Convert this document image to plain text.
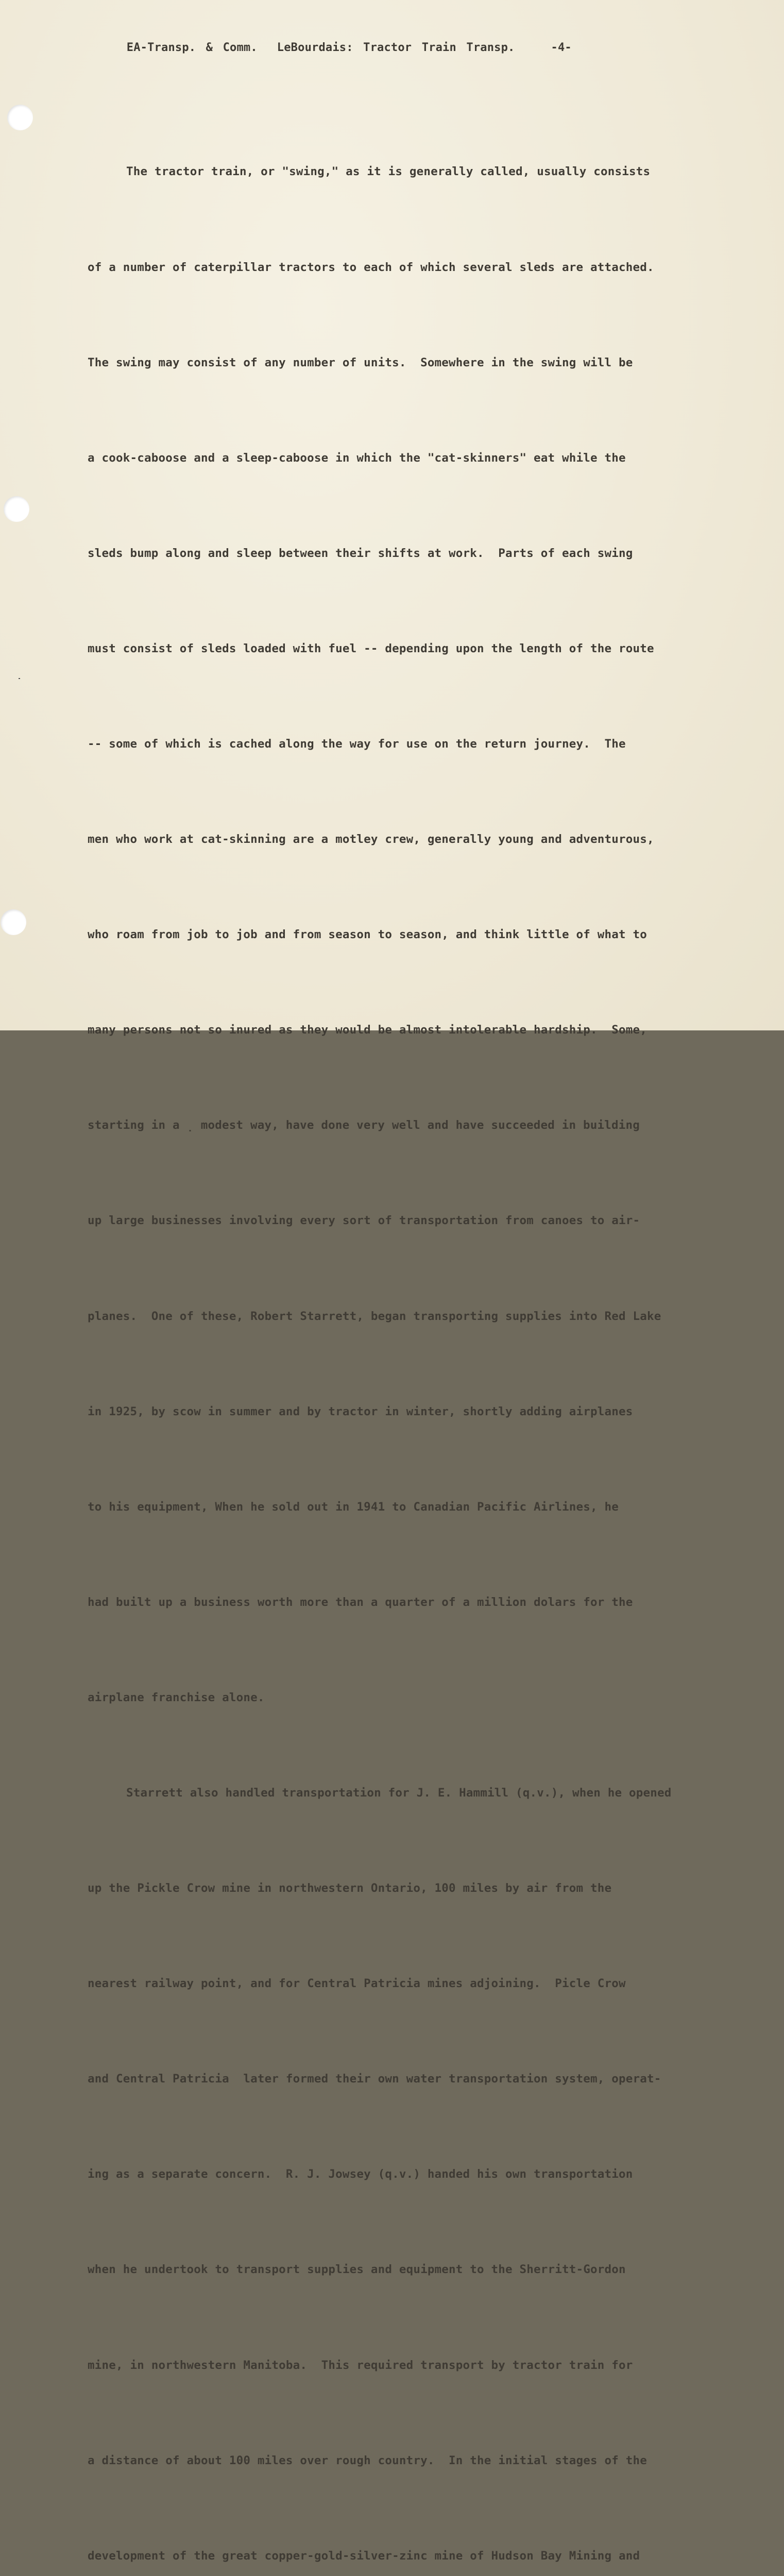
EA-Transp. & Comm. LeBourdais: Tractor Train Transp.	-4-

The tractor train, or "swing," as it is generally called, usually consists

of a number of caterpillar tractors to each of which several sleds are attached.

The swing may consist of any number of units.  Somewhere in the swing will be

a cook-caboose and a sleep-caboose in which the "cat-skinners" eat while the

sleds bump along and sleep between their shifts at work.  Parts of each swing

must consist of sleds loaded with fuel -- depending upon the length of the route

-- some of which is cached along the way for use on the return journey.  The

men who work at cat-skinning are a motley crew, generally young and adventurous,

who roam from job to job and from season to season, and think little of what to

many persons not so inured as they would be almost intolerable hardship.  Some,

starting in a ̣ modest way, have done very well and have succeeded in building

up large businesses involving every sort of transportation from canoes to air-

planes.  One of these, Robert Starrett, began transporting supplies into Red Lake

in 1925, by scow in summer and by tractor in winter, shortly adding airplanes

to his equipment, When he sold out in 1941 to Canadian Pacific Airlines, he

had built up a business worth more than a quarter of a million dolars for the

airplane franchise alone.

Starrett also handled transportation for J. E. Hammill (q.v.), when he opened

up the Pickle Crow mine in northwestern Ontario, 100 miles by air from the

nearest railway point, and for Central Patricia mines adjoining.  Picle Crow

and Central Patricia  later formed their own water transportation system, operat-

ing as a separate concern.  R. J. Jowsey (q.v.) handed his own transportation

when he undertook to transport supplies and equipment to the Sherritt-Gordon

mine, in northwestern Manitoba.  This required transport by tractor train for

a distance of about 100 miles over rough country.  In the initial stages of the

development of the great copper-gold-silver-zinc mine of Hudson Bay Mining and
